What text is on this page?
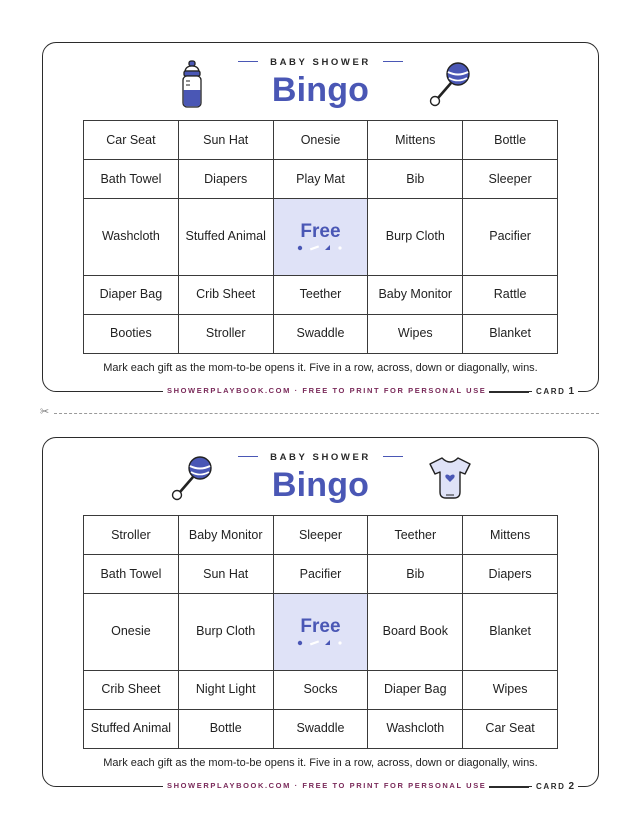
BABY SHOWER
Bingo
Car Seat	Sun Hat	Onesie	Mittens	Bottle
Bath Towel	Diapers	Play Mat	Bib	Sleeper
Washcloth	Stuffed Animal	Free	Burp Cloth	Pacifier
Diaper Bag	Crib Sheet	Teether	Baby Monitor	Rattle
Booties	Stroller	Swaddle	Wipes	Blanket
Mark each gift as the mom-to-be opens it. Five in a row, across, down or diagonally, wins.
SHOWERPLAYBOOK.COM · FREE TO PRINT FOR PERSONAL USE	CARD 1
✂
BABY SHOWER
Bingo
Stroller	Baby Monitor	Sleeper	Teether	Mittens
Bath Towel	Sun Hat	Pacifier	Bib	Diapers
Onesie	Burp Cloth	Free	Board Book	Blanket
Crib Sheet	Night Light	Socks	Diaper Bag	Wipes
Stuffed Animal	Bottle	Swaddle	Washcloth	Car Seat
Mark each gift as the mom-to-be opens it. Five in a row, across, down or diagonally, wins.
SHOWERPLAYBOOK.COM · FREE TO PRINT FOR PERSONAL USE	CARD 2
